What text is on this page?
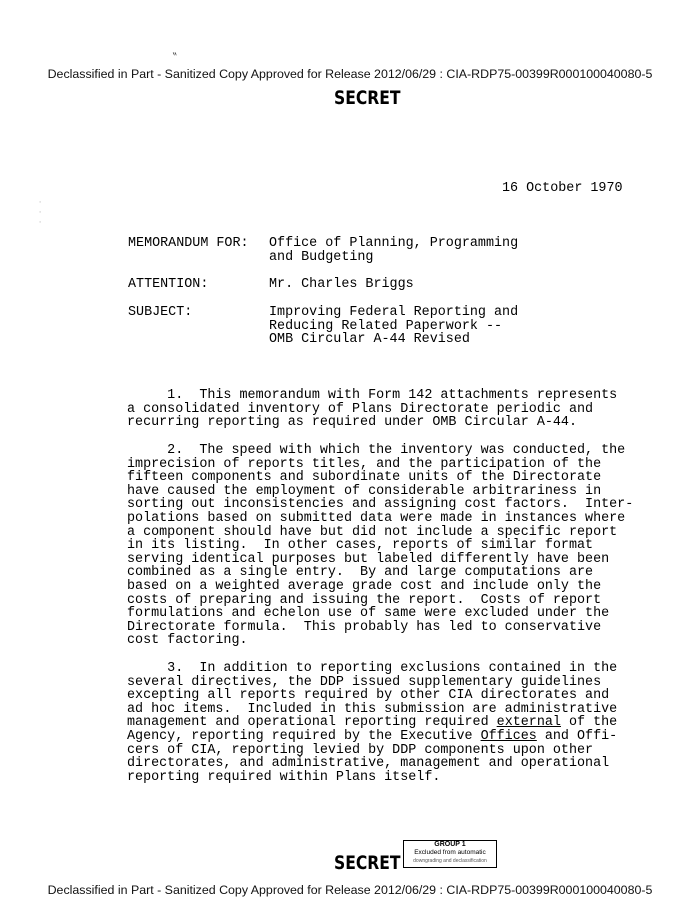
Declassified in Part - Sanitized Copy Approved for Release 2012/06/29 : CIA-RDP75-00399R000100040080-5
‟
SECRET
·
·
·
16 October 1970
MEMORANDUM FOR: Office of Planning, Programming
and Budgeting
ATTENTION:	Mr. Charles Briggs
SUBJECT:	Improving Federal Reporting and
Reducing Related Paperwork --
OMB Circular A-44 Revised
1.  This memorandum with Form 142 attachments represents
a consolidated inventory of Plans Directorate periodic and
recurring reporting as required under OMB Circular A-44.
2.  The speed with which the inventory was conducted, the
imprecision of reports titles, and the participation of the
fifteen components and subordinate units of the Directorate
have caused the employment of considerable arbitrariness in
sorting out inconsistencies and assigning cost factors.  Inter-
polations based on submitted data were made in instances where
a component should have but did not include a specific report
in its listing.  In other cases, reports of similar format
serving identical purposes but labeled differently have been
combined as a single entry.  By and large computations are
based on a weighted average grade cost and include only the
costs of preparing and issuing the report.  Costs of report
formulations and echelon use of same were excluded under the
Directorate formula.  This probably has led to conservative
cost factoring.
3.  In addition to reporting exclusions contained in the
several directives, the DDP issued supplementary guidelines
excepting all reports required by other CIA directorates and
ad hoc items.  Included in this submission are administrative
management and operational reporting required external of the
Agency, reporting required by the Executive Offices and Offi-
cers of CIA, reporting levied by DDP components upon other
directorates, and administrative, management and operational
reporting required within Plans itself.
SECRET
GROUP 1
Excluded from automatic
downgrading and declassification
Declassified in Part - Sanitized Copy Approved for Release 2012/06/29 : CIA-RDP75-00399R000100040080-5
